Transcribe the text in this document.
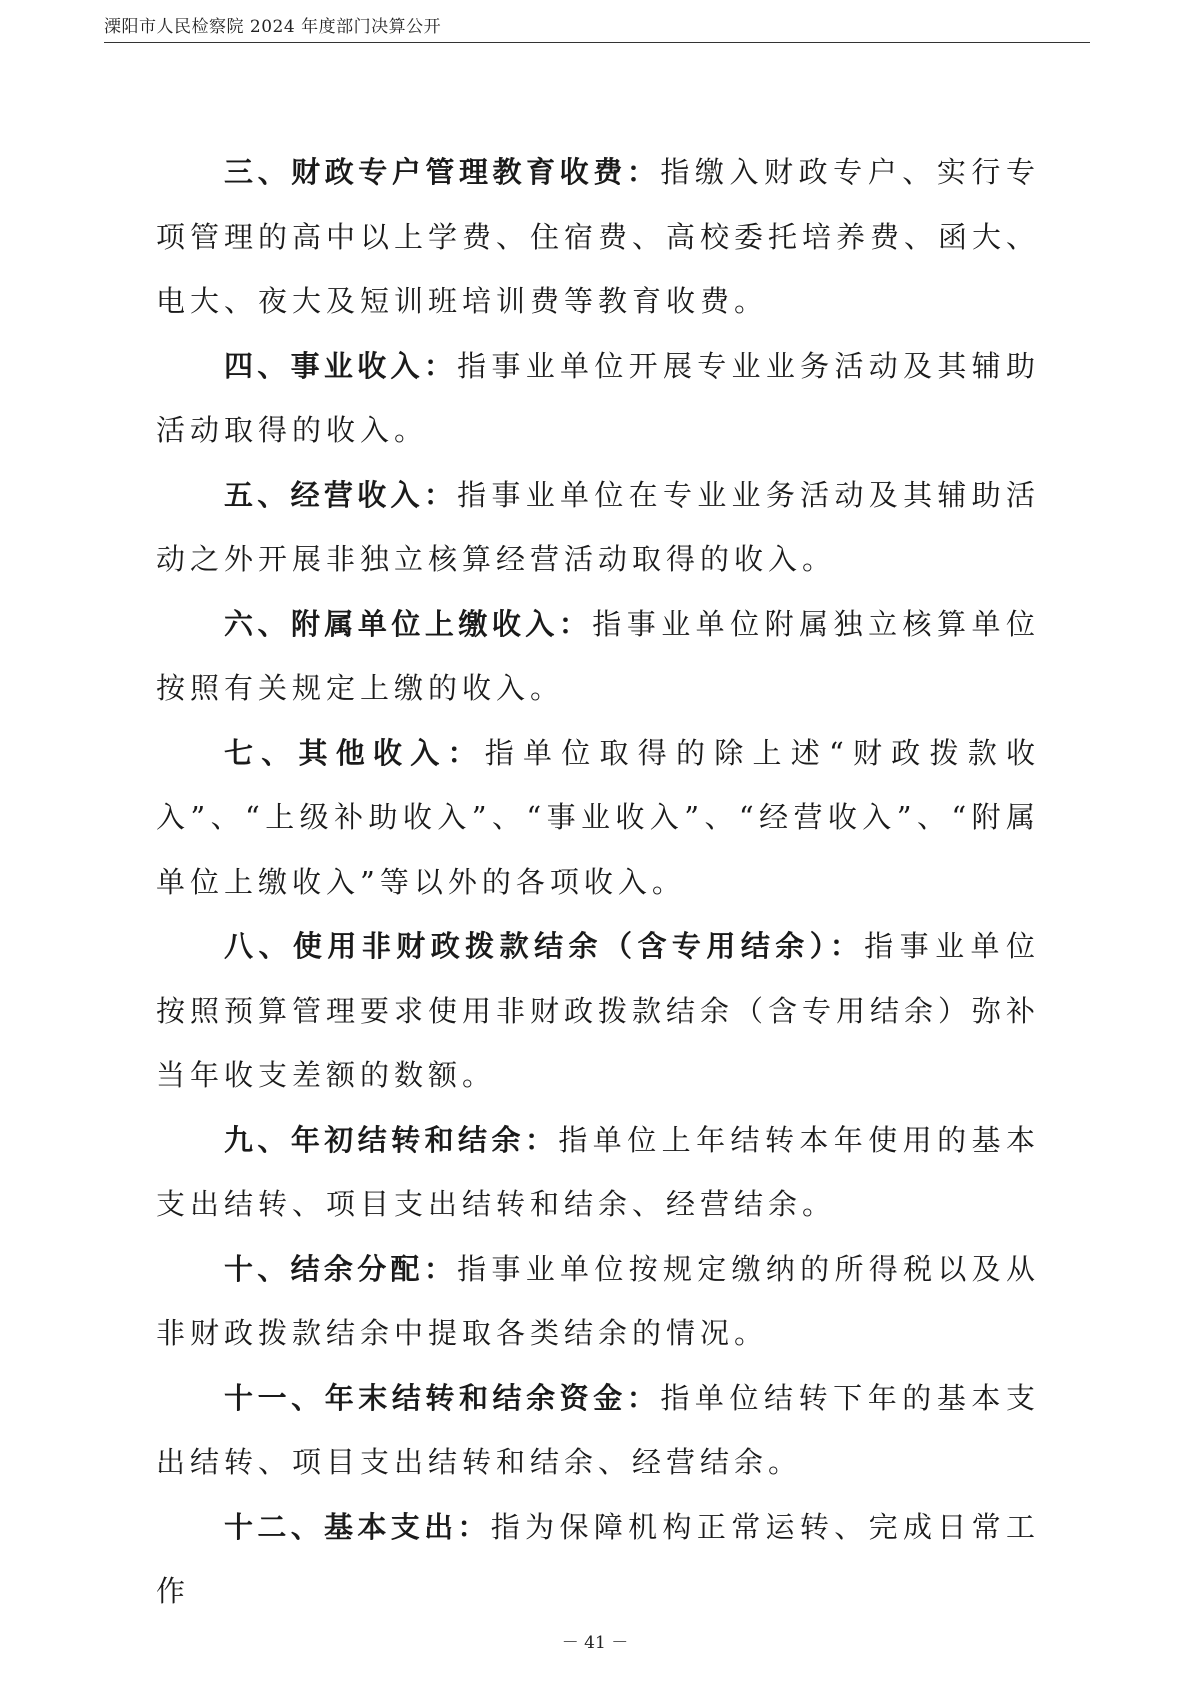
溧阳市人民检察院 2024 年度部门决算公开

三、财政专户管理教育收费：指缴入财政专户、实行专项管理的高中以上学费、住宿费、高校委托培养费、函大、电大、夜大及短训班培训费等教育收费。

四、事业收入：指事业单位开展专业业务活动及其辅助活动取得的收入。

五、经营收入：指事业单位在专业业务活动及其辅助活动之外开展非独立核算经营活动取得的收入。

六、附属单位上缴收入：指事业单位附属独立核算单位按照有关规定上缴的收入。

七、其他收入：指单位取得的除上述“财政拨款收入”、“上级补助收入”、“事业收入”、“经营收入”、“附属单位上缴收入”等以外的各项收入。

八、使用非财政拨款结余（含专用结余）：指事业单位按照预算管理要求使用非财政拨款结余（含专用结余）弥补当年收支差额的数额。

九、年初结转和结余：指单位上年结转本年使用的基本支出结转、项目支出结转和结余、经营结余。

十、结余分配：指事业单位按规定缴纳的所得税以及从非财政拨款结余中提取各类结余的情况。

十一、年末结转和结余资金：指单位结转下年的基本支出结转、项目支出结转和结余、经营结余。

十二、基本支出：指为保障机构正常运转、完成日常工作

－ 41 －
